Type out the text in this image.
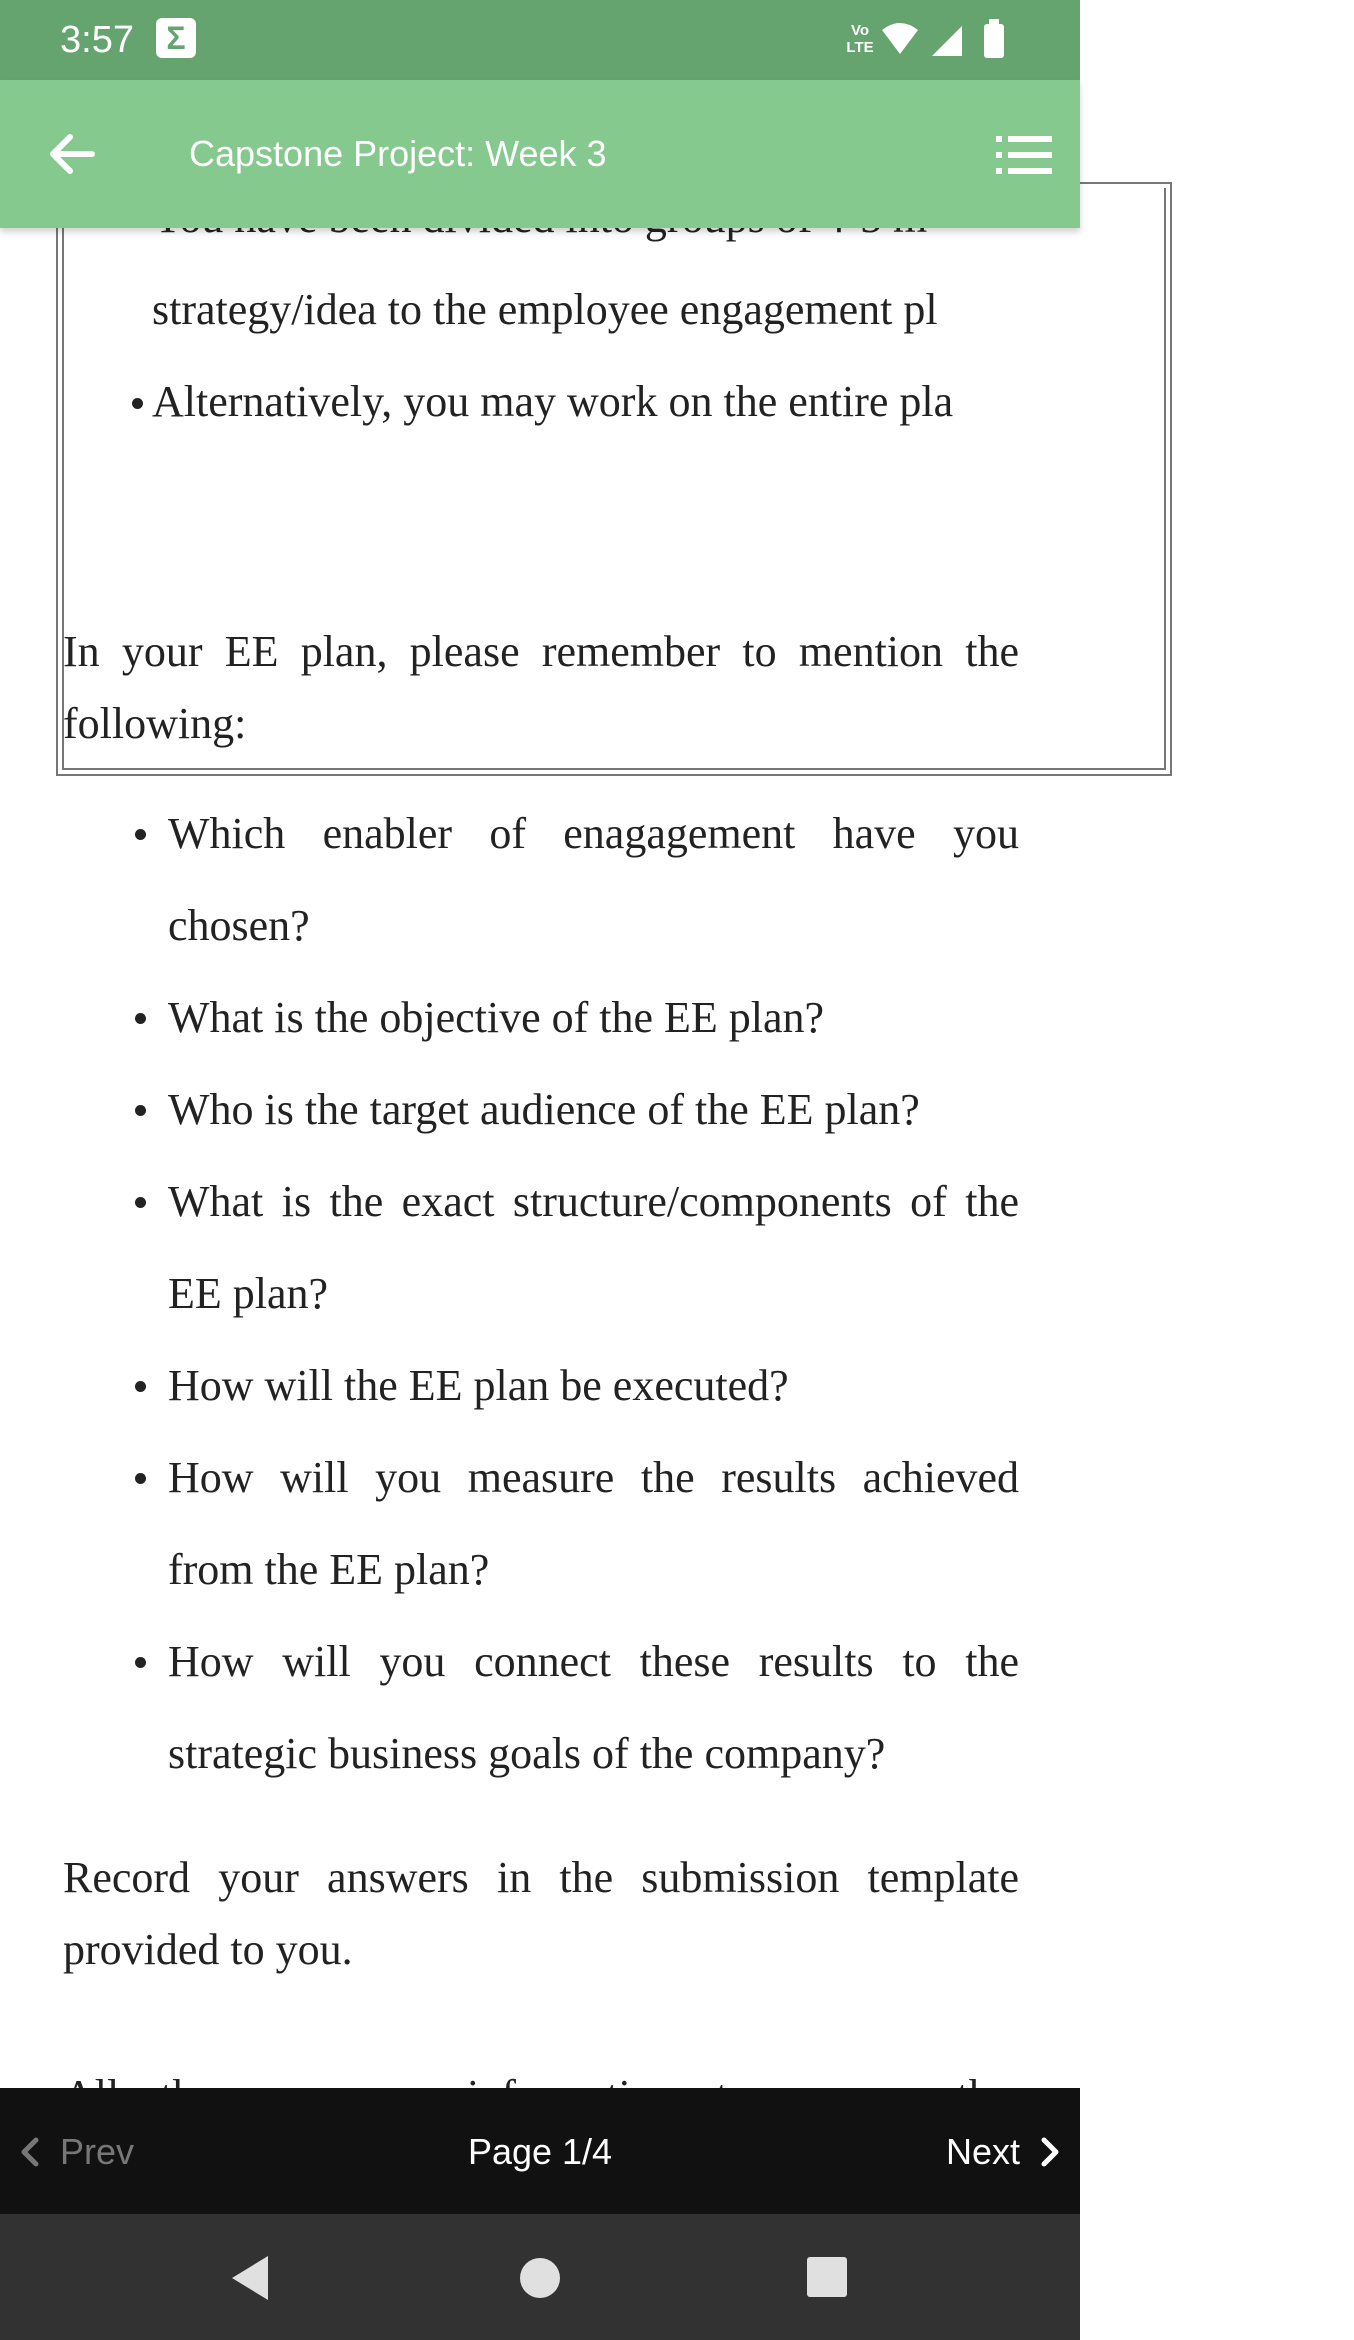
3:57	Σ	Vo LTE
Capstone Project: Week 3
strategy/idea to the employee engagement pl
Alternatively, you may work on the entire pla

In your EE plan, please remember to mention the following:

Which enabler of enagagement have you chosen?
What is the objective of the EE plan?
Who is the target audience of the EE plan?
What is the exact structure/components of the EE plan?
How will the EE plan be executed?
How will you measure the results achieved from the EE plan?
How will you connect these results to the strategic business goals of the company?

Record your answers in the submission template provided to you.

Prev	Page 1/4	Next
